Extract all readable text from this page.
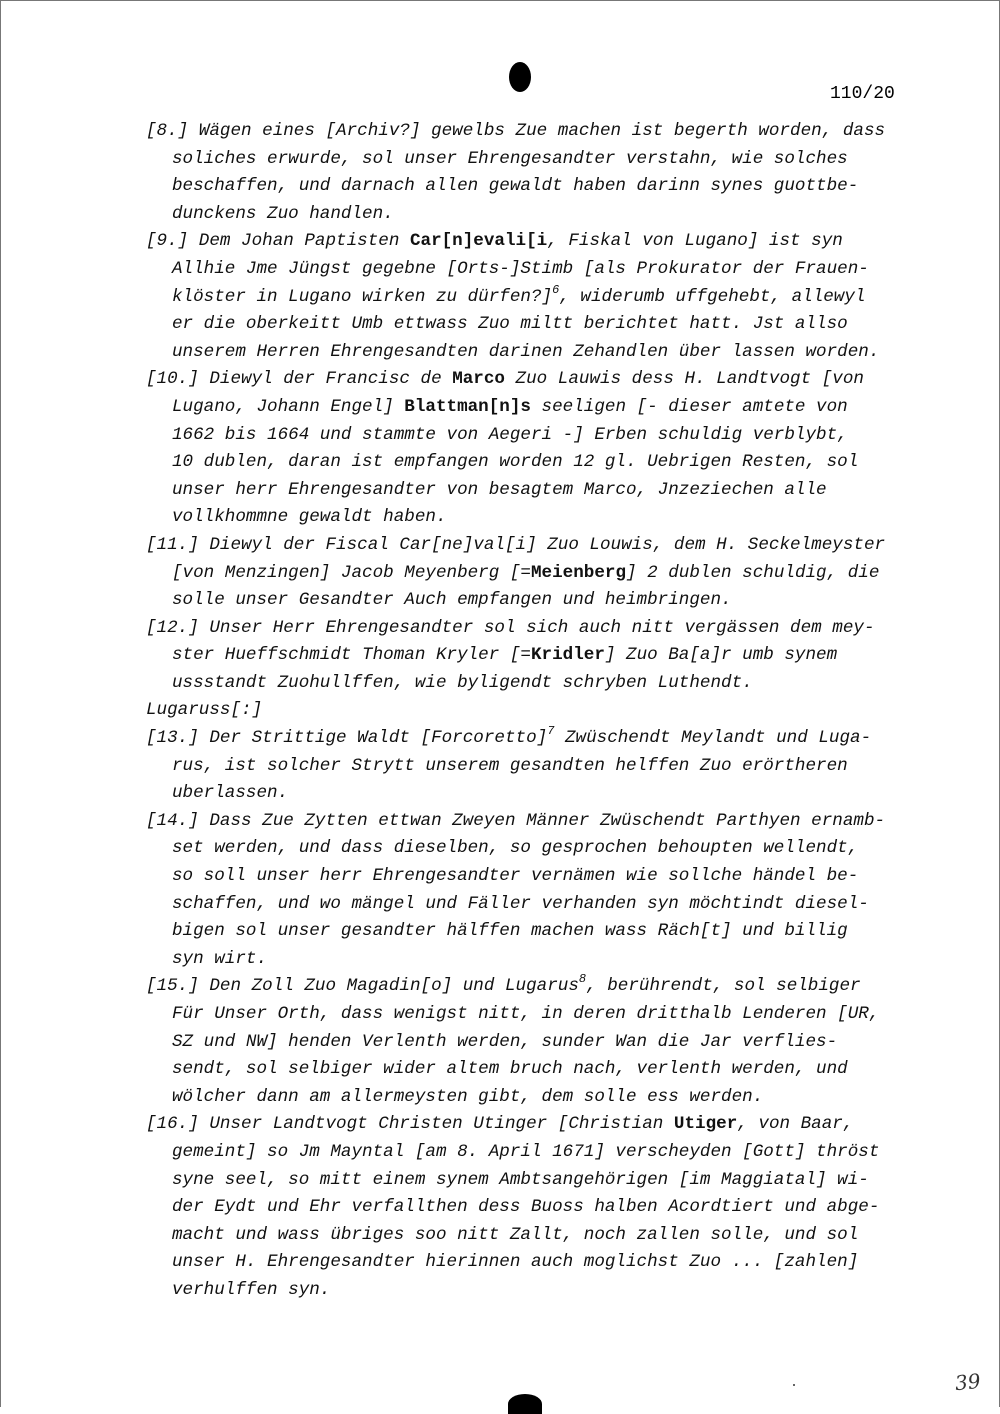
110/20
[8.] Wägen eines [Archiv?] gewelbs Zue machen ist begerth worden, dass
soliches erwurde, sol unser Ehrengesandter verstahn, wie solches
beschaffen, und darnach allen gewaldt haben darinn synes guottbe-
dunckens Zuo handlen.
[9.] Dem Johan Paptisten Car[n]evali[i, Fiskal von Lugano] ist syn
Allhie Jme Jüngst gegebne [Orts-]Stimb [als Prokurator der Frauen-
klöster in Lugano wirken zu dürfen?]$^6$, widerumb uffgehebt, allewyl
er die oberkeitt Umb ettwass Zuo miltt berichtet hatt. Jst allso
unserem Herren Ehrengesandten darinen Zehandlen über lassen worden.
[10.] Diewyl der Francisc de Marco Zuo Lauwis dess H. Landtvogt [von
Lugano, Johann Engel] Blattman[n]s seeligen [- dieser amtete von
1662 bis 1664 und stammte von Aegeri -] Erben schuldig verblybt,
10 dublen, daran ist empfangen worden 12 gl. Uebrigen Resten, sol
unser herr Ehrengesandter von besagtem Marco, Jnzeziechen alle
vollkhommne gewaldt haben.
[11.] Diewyl der Fiscal Car[ne]val[i] Zuo Louwis, dem H. Seckelmeyster
[von Menzingen] Jacob Meyenberg [=Meienberg] 2 dublen schuldig, die
solle unser Gesandter Auch empfangen und heimbringen.
[12.] Unser Herr Ehrengesandter sol sich auch nitt vergässen dem mey-
ster Hueffschmidt Thoman Kryler [=Kridler] Zuo Ba[a]r umb synem
ussstandt Zuohullffen, wie byligendt schryben Luthendt.
Lugaruss[:]
[13.] Der Strittige Waldt [Forcoretto]$^7$ Zwüschendt Meylandt und Luga-
rus, ist solcher Strytt unserem gesandten helffen Zuo erörtheren
uberlassen.
[14.] Dass Zue Zytten ettwan Zweyen Männer Zwüschendt Parthyen ernamb-
set werden, und dass dieselben, so gesprochen behoupten wellendt,
so soll unser herr Ehrengesandter vernämen wie sollche händel be-
schaffen, und wo mängel und Fäller verhanden syn möchtindt diesel-
bigen sol unser gesandter hälffen machen wass Räch[t] und billig
syn wirt.
[15.] Den Zoll Zuo Magadin[o] und Lugarus$^8$, berührendt, sol selbiger
Für Unser Orth, dass wenigst nitt, in deren dritthalb Lenderen [UR,
SZ und NW] henden Verlenth werden, sunder Wan die Jar verflies-
sendt, sol selbiger wider altem bruch nach, verlenth werden, und
wölcher dann am allermeysten gibt, dem solle ess werden.
[16.] Unser Landtvogt Christen Utinger [Christian Utiger, von Baar,
gemeint] so Jm Mayntal [am 8. April 1671] verscheyden [Gott] thröst
syne seel, so mitt einem synem Ambtsangehörigen [im Maggiatal] wi-
der Eydt und Ehr verfallthen dess Buoss halben Acordtiert und abge-
macht und wass übriges soo nitt Zallt, noch zallen solle, und sol
unser H. Ehrengesandter hierinnen auch moglichst Zuo ... [zahlen]
verhulffen syn.
39
